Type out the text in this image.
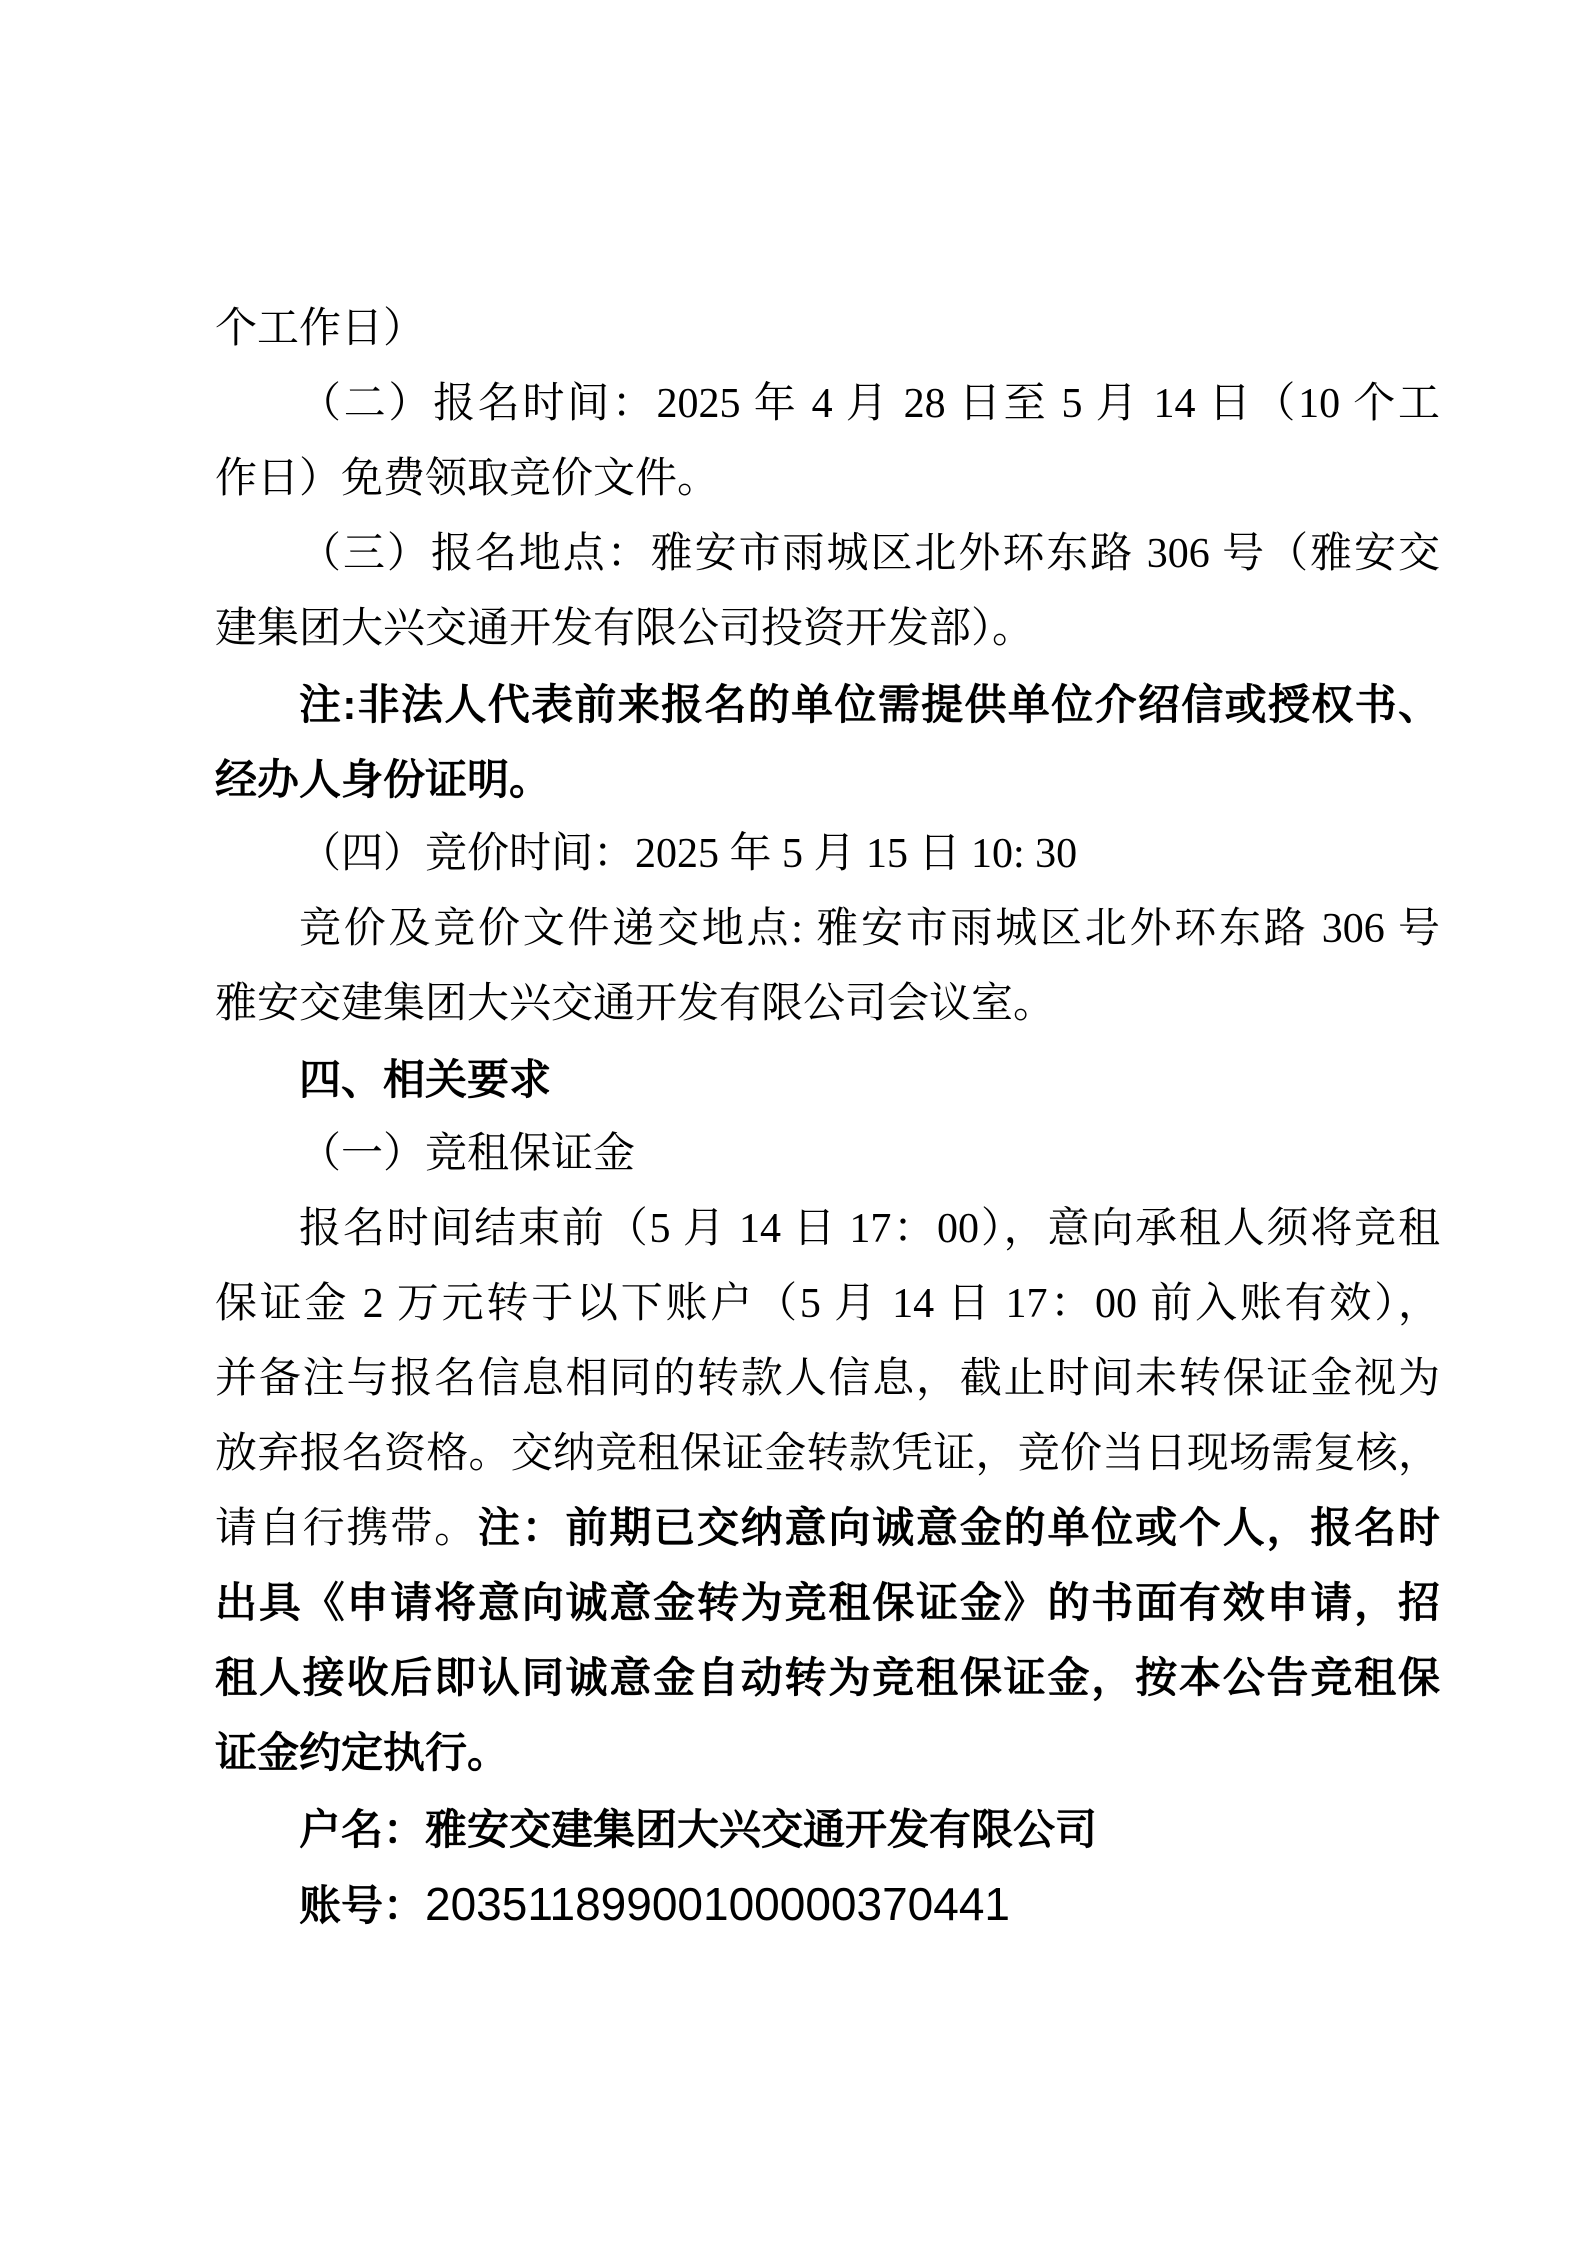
个工作日）
（二）报名时间：2025 年 4 月 28 日至 5 月 14 日（10 个工
作日）免费领取竞价文件。
（三）报名地点：雅安市雨城区北外环东路 306 号（雅安交
建集团大兴交通开发有限公司投资开发部）。
注:非法人代表前来报名的单位需提供单位介绍信或授权书、
经办人身份证明。
（四）竞价时间：2025 年 5 月 15 日 10: 30
竞价及竞价文件递交地点: 雅安市雨城区北外环东路 306 号
雅安交建集团大兴交通开发有限公司会议室。
四、相关要求
（一）竞租保证金
报名时间结束前（5 月 14 日 17：00），意向承租人须将竞租
保证金 2 万元转于以下账户（5 月 14 日 17：00 前入账有效），
并备注与报名信息相同的转款人信息，截止时间未转保证金视为
放弃报名资格。交纳竞租保证金转款凭证，竞价当日现场需复核，
请自行携带。注：前期已交纳意向诚意金的单位或个人，报名时
出具《申请将意向诚意金转为竞租保证金》的书面有效申请，招
租人接收后即认同诚意金自动转为竞租保证金，按本公告竞租保
证金约定执行。
户名：雅安交建集团大兴交通开发有限公司
账号：20351189900100000370441
